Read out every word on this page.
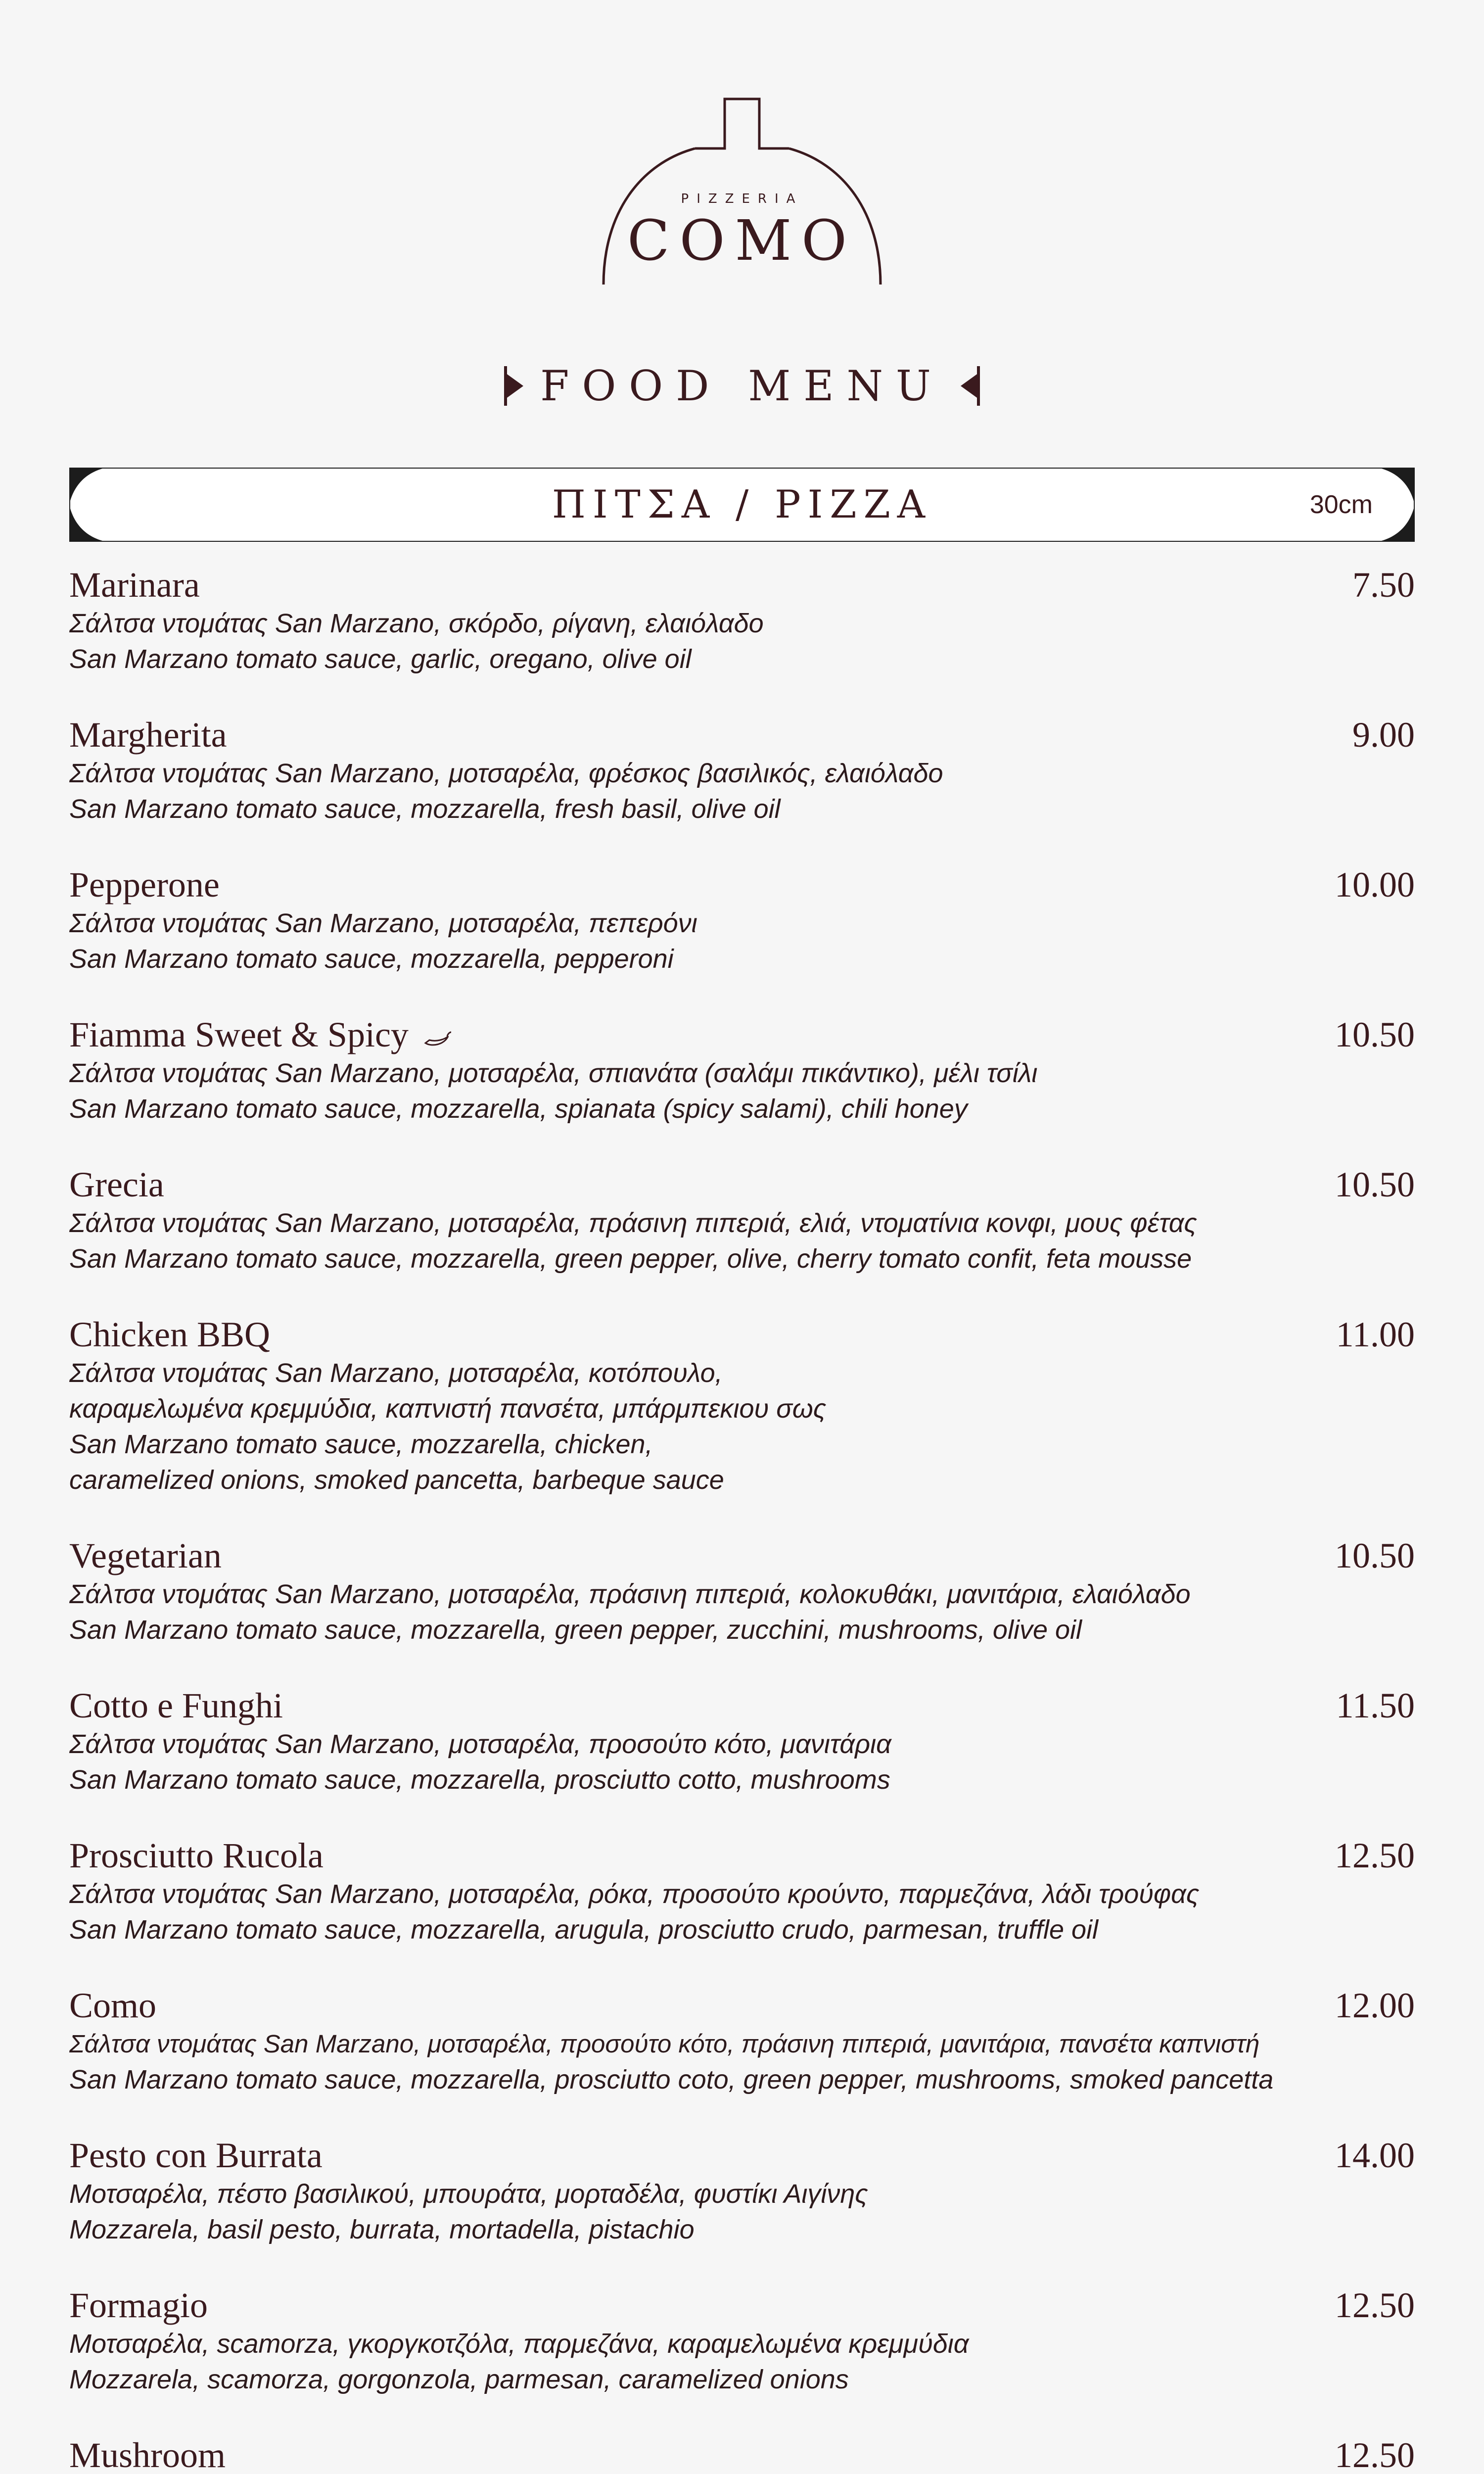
PIZZERIA
COMO
FOOD MENU
ΠΙΤΣΑ / PIZZA	30cm
Marinara	7.50
Σάλτσα ντομάτας San Marzano, σκόρδο, ρίγανη, ελαιόλαδο
San Marzano tomato sauce, garlic, oregano, olive oil
Margherita	9.00
Σάλτσα ντομάτας San Marzano, μοτσαρέλα, φρέσκος βασιλικός, ελαιόλαδο
San Marzano tomato sauce, mozzarella, fresh basil, olive oil
Pepperone	10.00
Σάλτσα ντομάτας San Marzano, μοτσαρέλα, πεπερόνι
San Marzano tomato sauce, mozzarella, pepperoni
Fiamma Sweet & Spicy	10.50
Σάλτσα ντομάτας San Marzano, μοτσαρέλα, σπιανάτα (σαλάμι πικάντικο), μέλι τσίλι
San Marzano tomato sauce, mozzarella, spianata (spicy salami), chili honey
Grecia	10.50
Σάλτσα ντομάτας San Marzano, μοτσαρέλα, πράσινη πιπεριά, ελιά, ντοματίνια κονφι, μους φέτας
San Marzano tomato sauce, mozzarella, green pepper, olive, cherry tomato confit, feta mousse
Chicken BBQ	11.00
Σάλτσα ντομάτας San Marzano, μοτσαρέλα, κοτόπουλο,
καραμελωμένα κρεμμύδια, καπνιστή πανσέτα, μπάρμπεκιου σως
San Marzano tomato sauce, mozzarella, chicken,
caramelized onions, smoked pancetta, barbeque sauce
Vegetarian	10.50
Σάλτσα ντομάτας San Marzano, μοτσαρέλα, πράσινη πιπεριά, κολοκυθάκι, μανιτάρια, ελαιόλαδο
San Marzano tomato sauce, mozzarella, green pepper, zucchini, mushrooms, olive oil
Cotto e Funghi	11.50
Σάλτσα ντομάτας San Marzano, μοτσαρέλα, προσούτο κότο, μανιτάρια
San Marzano tomato sauce, mozzarella, prosciutto cotto, mushrooms
Prosciutto Rucola	12.50
Σάλτσα ντομάτας San Marzano, μοτσαρέλα, ρόκα, προσούτο κρούντο, παρμεζάνα, λάδι τρούφας
San Marzano tomato sauce, mozzarella, arugula, prosciutto crudo, parmesan, truffle oil
Como	12.00
Σάλτσα ντομάτας San Marzano, μοτσαρέλα, προσούτο κότο, πράσινη πιπεριά, μανιτάρια, πανσέτα καπνιστή
San Marzano tomato sauce, mozzarella, prosciutto coto, green pepper, mushrooms, smoked pancetta
Pesto con Burrata	14.00
Μοτσαρέλα, πέστο βασιλικού, μπουράτα, μορταδέλα, φυστίκι Αιγίνης
Mozzarela, basil pesto, burrata, mortadella, pistachio
Formagio	12.50
Μοτσαρέλα, scamorza, γκοργκοτζόλα, παρμεζάνα, καραμελωμένα κρεμμύδια
Mozzarela, scamorza, gorgonzola, parmesan, caramelized onions
Mushroom	12.50
